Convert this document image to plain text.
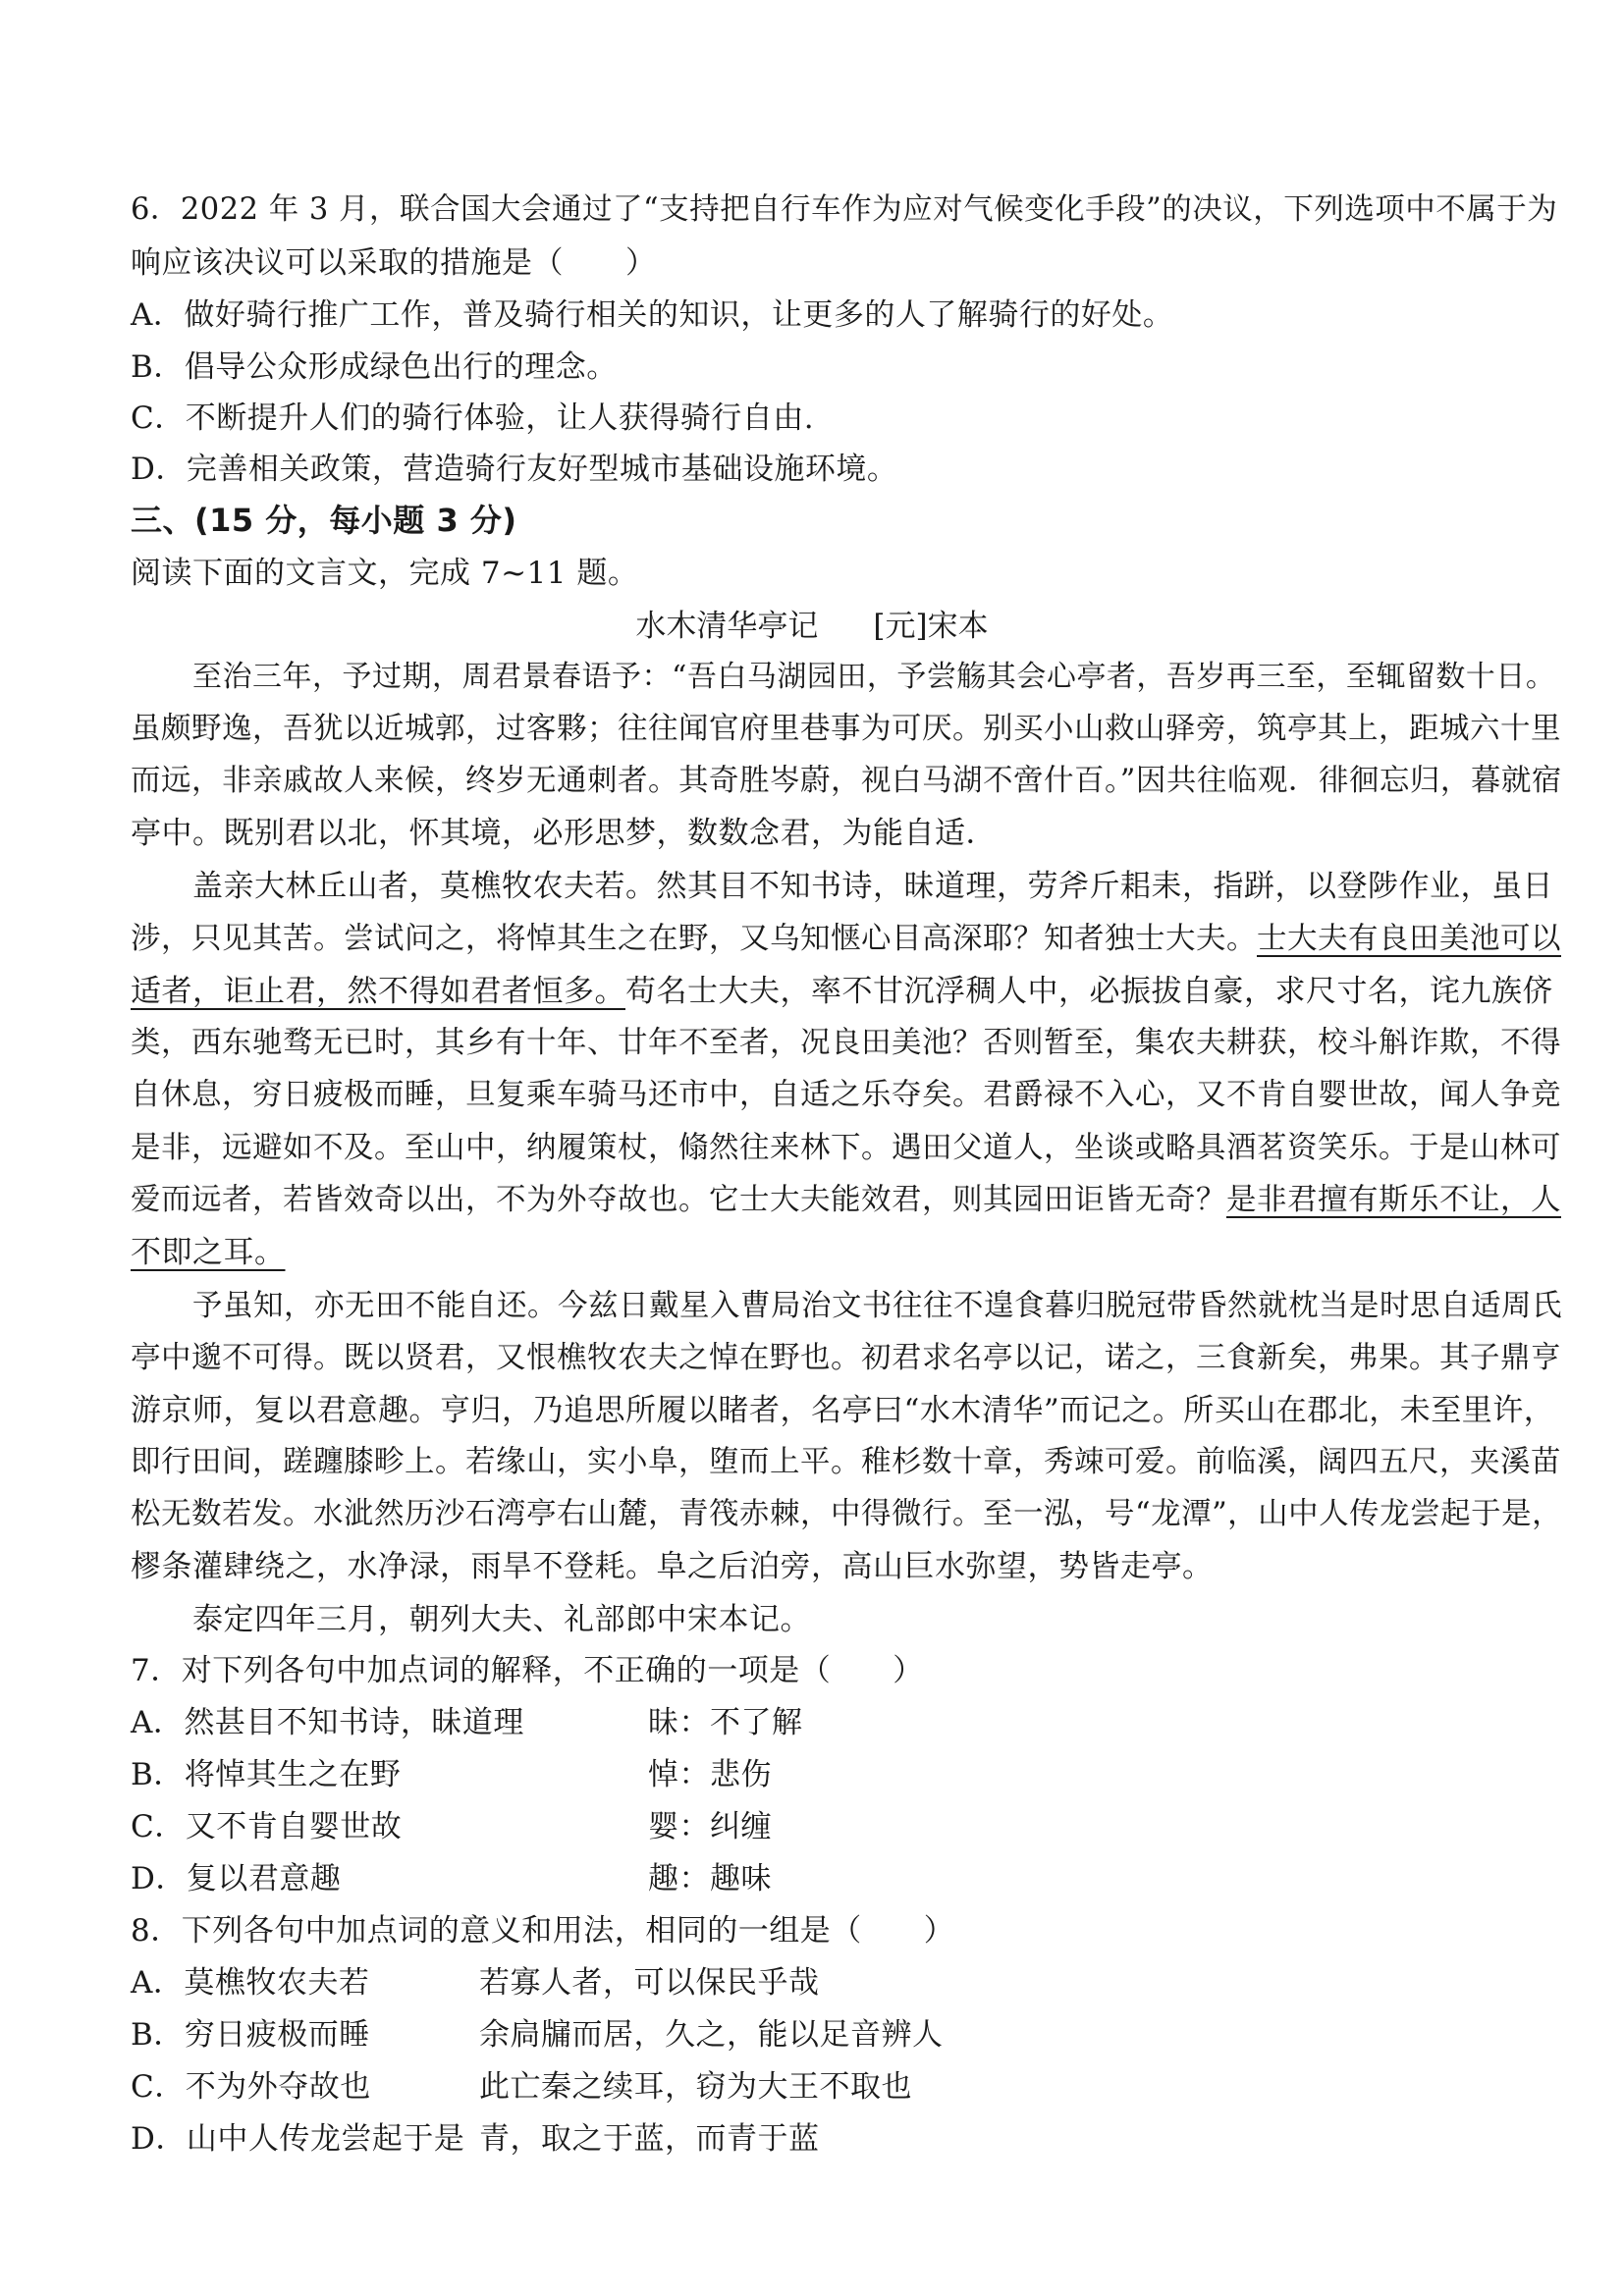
6．2022 年 3 月，联合国大会通过了“支持把自行车作为应对气候变化手段”的决议，下列选项中不属于为
响应该决议可以采取的措施是（　　）
A．做好骑行推广工作，普及骑行相关的知识，让更多的人了解骑行的好处。
B．倡导公众形成绿色出行的理念。
C．不断提升人们的骑行体验，让人获得骑行自由.
D．完善相关政策，营造骑行友好型城市基础设施环境。
三、(15 分，每小题 3 分)
阅读下面的文言文，完成 7~11 题。
水木清华亭记 [元]宋本
至治三年，予过期，周君景春语予：“吾白马湖园田，予尝觞其会心亭者，吾岁再三至，至辄留数十日。
虽颇野逸，吾犹以近城郭，过客夥；往往闻官府里巷事为可厌。别买小山救山驿旁，筑亭其上，距城六十里
而远，非亲戚故人来候，终岁无通刺者。其奇胜岑蔚，视白马湖不啻什百。”因共往临观．徘徊忘归，暮就宿
亭中。既别君以北，怀其境，必形思梦，数数念君，为能自适．
盖亲大林丘山者，莫樵牧农夫若。然其目不知书诗，昧道理，劳斧斤耜耒，指跰，以登陟作业，虽日
涉，只见其苦。尝试问之，将悼其生之在野，又乌知惬心目高深耶？知者独士大夫。士大夫有良田美池可以
适者，讵止君，然不得如君者恒多。苟名士大夫，率不甘沉浮稠人中，必振拔自豪，求尺寸名，诧九族侪
类，西东驰骛无已时，其乡有十年、廿年不至者，况良田美池？否则暂至，集农夫耕获，校斗斛诈欺，不得
自休息，穷日疲极而睡，旦复乘车骑马还市中，自适之乐夺矣。君爵禄不入心，又不肯自婴世故，闻人争竞
是非，远避如不及。至山中，纳履策杖，翛然往来林下。遇田父道人，坐谈或略具酒茗资笑乐。于是山林可
爱而远者，若皆效奇以出，不为外夺故也。它士大夫能效君，则其园田讵皆无奇？是非君擅有斯乐不让，人
不即之耳。
予虽知，亦无田不能自还。今兹日戴星入曹局治文书往往不遑食暮归脱冠带昏然就枕当是时思自适周氏
亭中邈不可得。既以贤君，又恨樵牧农夫之悼在野也。初君求名亭以记，诺之，三食新矣，弗果。其子鼎亨
游京师，复以君意趣。亨归，乃追思所履以睹者，名亭曰“水木清华”而记之。所买山在郡北，未至里许，
即行田间，蹉躔膝畛上。若缘山，实小阜，堕而上平。稚杉数十章，秀竦可爱。前临溪，阔四五尺，夹溪苗
松无数若发。水泚然历沙石湾亭右山麓，青筏赤棘，中得微行。至一泓，号“龙潭”，山中人传龙尝起于是，
樛条灌肆绕之，水净渌，雨旱不登耗。阜之后泊旁，高山巨水弥望，势皆走亭。
泰定四年三月，朝列大夫、礼部郎中宋本记。
7．对下列各句中加点词的解释，不正确的一项是（　　）
A．然甚目不知书诗，昧道理	昧：不了解
B．将悼其生之在野	悼：悲伤
C．又不肯自婴世故	婴：纠缠
D．复以君意趣	趣：趣味
8．下列各句中加点词的意义和用法，相同的一组是（　　）
A．莫樵牧农夫若	若寡人者，可以保民乎哉
B．穷日疲极而睡	余扃牖而居，久之，能以足音辨人
C．不为外夺故也	此亡秦之续耳，窃为大王不取也
D．山中人传龙尝起于是 青，取之于蓝，而青于蓝
